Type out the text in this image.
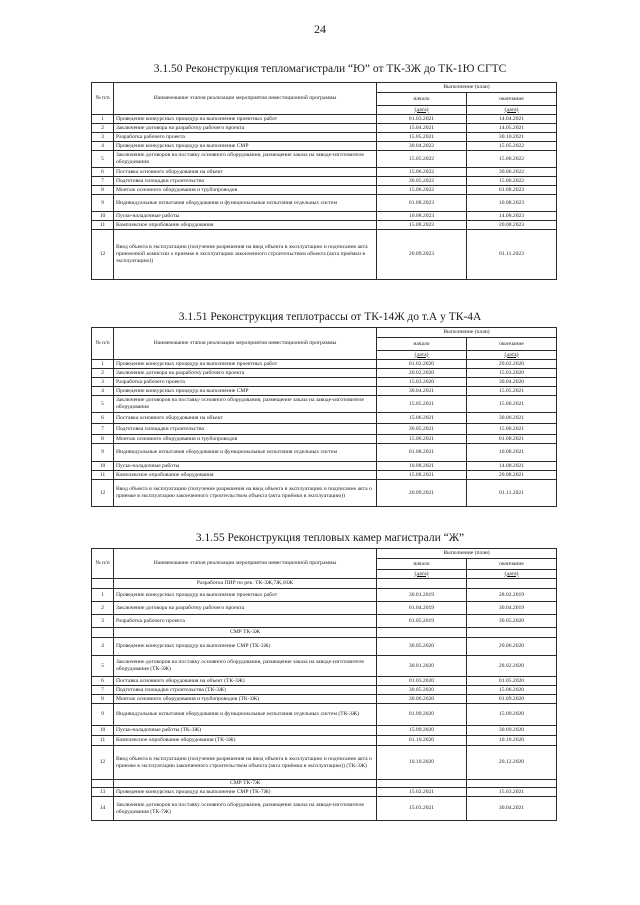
24
3.1.50 Реконструкция тепломагистрали “Ю” от ТК-3Ж до ТК-1Ю СГТС
№ п/п	Наименование этапов реализации мероприятия инвестиционной программы	Выполнение (план)	
		начало	окончание
		(дата)	(дата)
1	Проведение конкурсных процедур на выполнение проектных работ	01.03.2021	14.04.2021
2	Заключение договора на разработку рабочего проекта	15.04.2021	14.05.2021
3	Разработка рабочего проекта	15.05.2021	30.10.2021
4	Проведение конкурсных процедур на выполнение СМР	30.04.2022	15.05.2022
5	Заключение договоров на поставку основного оборудования, размещение заказа на заводе-изготовителе оборудования	15.05.2022	15.06.2022
6	Поставка основного оборудования на объект	15.06.2022	30.06.2022
7	Подготовка площадки строительства	30.05.2022	15.06.2022
8	Монтаж основного оборудования и трубопроводов	15.06.2022	01.08.2023
9	Индивидуальные испытания оборудования и функциональные испытания отдельных систем	01.08.2023	10.08.2023
10	Пуско-наладочные работы	10.08.2023	14.08.2023
11	Комплексное опробование оборудования	15.08.2023	20.08.2023
12	Ввод объекта в эксплуатацию (получение разрешения на ввод объекта в эксплуатацию и подписание акта приемочной комиссии о приемке в эксплуатацию законченного строительством объекта (акта приёмки в эксплуатацию))	20.09.2023	01.11.2023
3.1.51 Реконструкция теплотрассы от ТК-14Ж до т.А у ТК-4А
№ п/п	Наименование этапов реализации мероприятия инвестиционной программы	Выполнение (план)	
		начало	окончание
		(дата)	(дата)
1	Проведение конкурсных процедур на выполнение проектных работ	01.02.2020	20.02.2020
2	Заключение договора на разработку рабочего проекта	20.02.2020	15.03.2020
3	Разработка рабочего проекта	15.03.2020	30.04.2020
4	Проведение конкурсных процедур на выполнение СМР	30.04.2021	15.05.2021
5	Заключение договоров на поставку основного оборудования, размещение заказа на заводе-изготовителе оборудования	15.05.2021	15.06.2021
6	Поставка основного оборудования на объект	15.06.2021	30.06.2021
7	Подготовка площадки строительства	30.05.2021	15.06.2021
8	Монтаж основного оборудования и трубопроводов	15.06.2021	01.08.2021
9	Индивидуальные испытания оборудования и функциональные испытания отдельных систем	01.08.2021	10.08.2021
10	Пуско-наладочные работы	10.08.2021	14.08.2021
11	Комплексное опробование оборудования	15.08.2021	20.08.2021
12	Ввод объекта в эксплуатацию (получение разрешения на ввод объекта в эксплуатацию и подписание акта о приемке в эксплуатацию законченного строительством объекта (акта приёмки в эксплуатацию))	20.09.2021	01.11.2021
3.1.55 Реконструкция тепловых камер магистрали “Ж”
№ п/п	Наименование этапов реализации мероприятия инвестиционной программы	Выполнение (план)	
		начало	окончание
		(дата)	(дата)
	Разработка ПИР по рек. ТК-3Ж,7Ж,10Ж		
1	Проведение конкурсных процедур на выполнение проектных работ	30.01.2019	28.02.2019
2	Заключение договора на разработку рабочего проекта	01.04.2019	30.04.2019
3	Разработка рабочего проекта	01.05.2019	30.05.2020
	СМР ТК-3Ж		
4	Проведение конкурсных процедур на выполнение СМР (ТК-3Ж)	30.05.2020	20.06.2020
5	Заключение договоров на поставку основного оборудования, размещение заказа на заводе-изготовителе оборудования (ТК-3Ж)	30.01.2020	28.02.2020
6	Поставка основного оборудования на объект (ТК-3Ж)	01.03.2020	01.05.2020
7	Подготовка площадки строительства (ТК-3Ж)	30.05.2020	15.06.2020
8	Монтаж основного оборудования и трубопроводов (ТК-3Ж)	30.06.2020	01.09.2020
9	Индивидуальные испытания оборудования и функциональные испытания отдельных систем (ТК-3Ж)	01.09.2020	15.09.2020
10	Пуско-наладочные работы (ТК-3Ж)	15.09.2020	30.09.2020
11	Комплексное опробование оборудования (ТК-3Ж)	01.10.2020	10.10.2020
12	Ввод объекта в эксплуатацию (получение разрешения на ввод объекта в эксплуатацию и подписание акта о приемке в эксплуатацию законченного строительством объекта (акта приёмки в эксплуатацию)) (ТК-3Ж)	10.10.2020	20.12.2020
	СМР ТК-7Ж		
13	Проведение конкурсных процедур на выполнение СМР (ТК-7Ж)	15.02.2021	15.03.2021
14	Заключение договоров на поставку основного оборудования, размещение заказа на заводе-изготовителе оборудования (ТК-7Ж)	15.03.2021	30.04.2021
